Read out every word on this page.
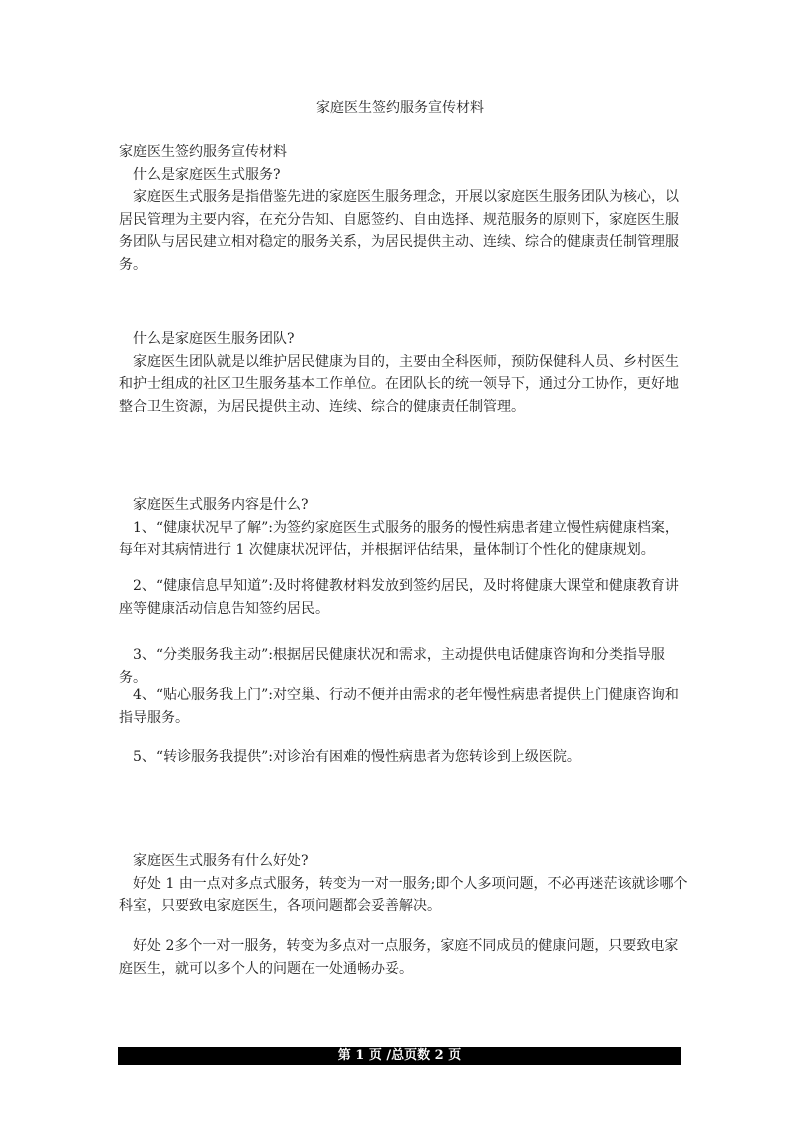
家庭医生签约服务宣传材料

家庭医生签约服务宣传材料

什么是家庭医生式服务?

家庭医生式服务是指借鉴先进的家庭医生服务理念，开展以家庭医生服务团队为核心，以居民管理为主要内容，在充分告知、自愿签约、自由选择、规范服务的原则下，家庭医生服务团队与居民建立相对稳定的服务关系，为居民提供主动、连续、综合的健康责任制管理服务。

什么是家庭医生服务团队?

家庭医生团队就是以维护居民健康为目的，主要由全科医师，预防保健科人员、乡村医生和护士组成的社区卫生服务基本工作单位。在团队长的统一领导下，通过分工协作，更好地整合卫生资源，为居民提供主动、连续、综合的健康责任制管理。

家庭医生式服务内容是什么?

1、“健康状况早了解”:为签约家庭医生式服务的服务的慢性病患者建立慢性病健康档案，每年对其病情进行 1 次健康状况评估，并根据评估结果，量体制订个性化的健康规划。

2、“健康信息早知道”:及时将健教材料发放到签约居民，及时将健康大课堂和健康教育讲座等健康活动信息告知签约居民。

3、“分类服务我主动”:根据居民健康状况和需求，主动提供电话健康咨询和分类指导服务。

4、“贴心服务我上门”:对空巢、行动不便并由需求的老年慢性病患者提供上门健康咨询和指导服务。

5、“转诊服务我提供”:对诊治有困难的慢性病患者为您转诊到上级医院。

家庭医生式服务有什么好处?

好处 1 由一点对多点式服务，转变为一对一服务;即个人多项问题，不必再迷茫该就诊哪个科室，只要致电家庭医生，各项问题都会妥善解决。

好处 2多个一对一服务，转变为多点对一点服务，家庭不同成员的健康问题，只要致电家庭医生，就可以多个人的问题在一处通畅办妥。

第 1 页 /总页数 2 页
